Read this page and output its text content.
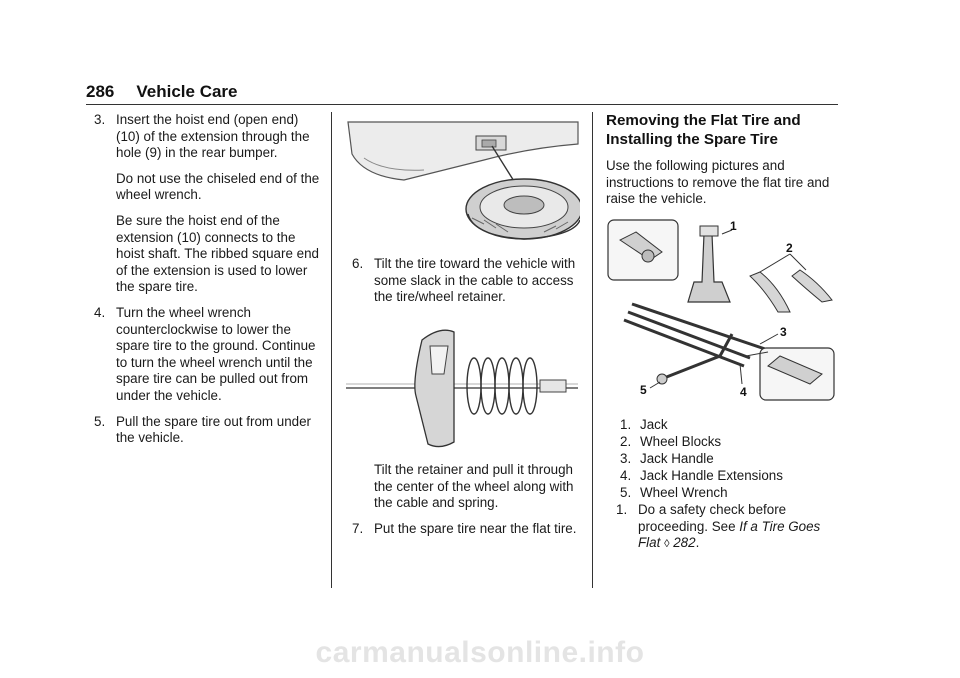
286 Vehicle Care

3. Insert the hoist end (open end) (10) of the extension through the hole (9) in the rear bumper.

Do not use the chiseled end of the wheel wrench.

Be sure the hoist end of the extension (10) connects to the hoist shaft. The ribbed square end of the extension is used to lower the spare tire.

4. Turn the wheel wrench counterclockwise to lower the spare tire to the ground. Continue to turn the wheel wrench until the spare tire can be pulled out from under the vehicle.

5. Pull the spare tire out from under the vehicle.

6. Tilt the tire toward the vehicle with some slack in the cable to access the tire/wheel retainer.

Tilt the retainer and pull it through the center of the wheel along with the cable and spring.

7. Put the spare tire near the flat tire.

Removing the Flat Tire and Installing the Spare Tire

Use the following pictures and instructions to remove the flat tire and raise the vehicle.

1
2
3
4
5
1. Jack
2. Wheel Blocks
3. Jack Handle
4. Jack Handle Extensions
5. Wheel Wrench

1. Do a safety check before proceeding. See If a Tire Goes Flat ◊ 282.

carmanualsonline.info
